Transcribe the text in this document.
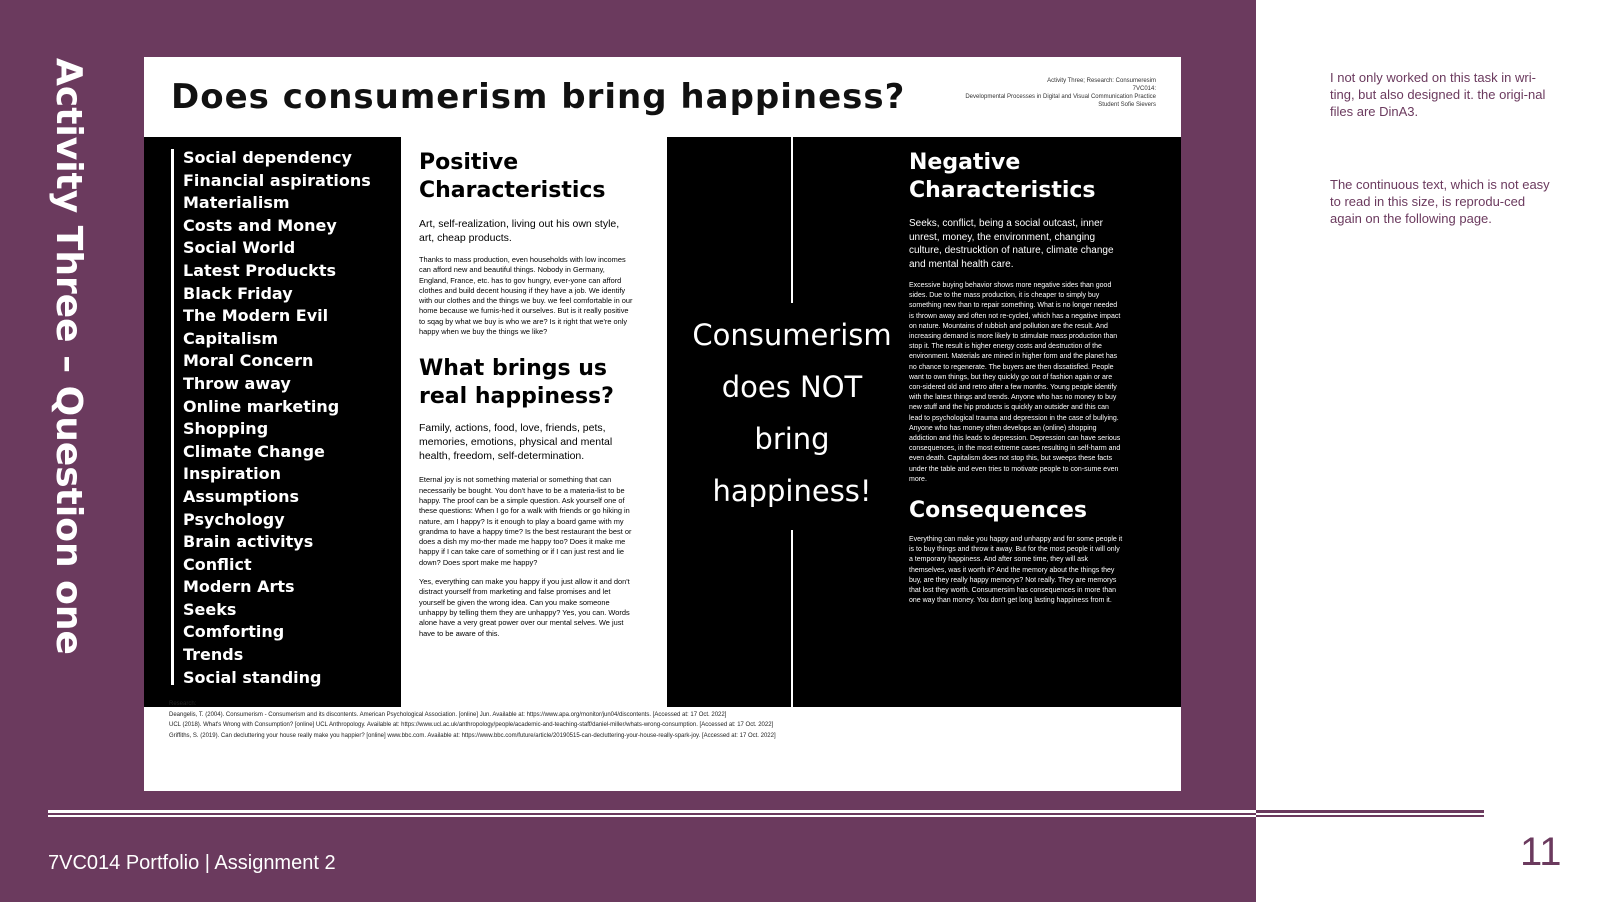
Activity Three – Question one Does consumerism bring happiness?	Activity Three; Research: Consumeresim
7VC014:
Developmental Processes in Digital and Visual Communication Practice
Student Sofie Sievers
Social dependency
Financial aspirations
Materialism
Costs and Money
Social World
Latest Produckts
Black Friday
The Modern Evil
Capitalism
Moral Concern
Throw away
Online marketing
Shopping
Climate Change
Inspiration
Assumptions
Psychology
Brain activitys
Conflict
Modern Arts
Seeks
Comforting
Trends
Social standing
Positive
Characteristics

Art, self-realization, living out his own style, art, cheap products.

Thanks to mass production, even households with low incomes can afford new and beautiful things. Nobody in Germany, England, France, etc. has to gov hungry, ever-yone can afford clothes and build decent housing if they have a job. We identify with our clothes and the things we buy. we feel comfortable in our home because we furnis-hed it ourselves. But is it really positive to sqag by what we buy is who we are? Is it right that we're only happy when we buy the things we like?

What brings us
real happiness?

Family, actions, food, love, friends, pets, memories, emotions, physical and mental health, freedom, self-determination.

Eternal joy is not something material or something that can necessarily be bought. You don't have to be a materia-list to be happy. The proof can be a simple question. Ask yourself one of these questions: When I go for a walk with friends or go hiking in nature, am I happy? Is it enough to play a board game with my grandma to have a happy time? Is the best restaurant the best or does a dish my mo-ther made me happy too? Does it make me happy if I can take care of something or if I can just rest and lie down? Does sport make me happy?

Yes, everything can make you happy if you just allow it and don't distract yourself from marketing and false promises and let yourself be given the wrong idea. Can you make someone unhappy by telling them they are unhappy? Yes, you can. Words alone have a very great power over our mental selves. We just have to be aware of this.

Consumerism
does NOT
bring
happiness!
Negative
Characteristics

Seeks, conflict, being a social outcast, inner unrest, money, the environment, changing culture, destrucktion of nature, climate change and mental health care.

Excessive buying behavior shows more negative sides than good sides. Due to the mass production, it is cheaper to simply buy something new than to repair something. What is no longer needed is thrown away and often not re-cycled, which has a negative impact on nature. Mountains of rubbish and pollution are the result. And increasing demand is more likely to stimulate mass production than stop it. The result is higher energy costs and destruction of the environment. Materials are mined in higher form and the planet has no chance to regenerate. The buyers are then dissatisfied. People want to own things, but they quickly go out of fashion again or are con-sidered old and retro after a few months. Young people identify with the latest things and trends. Anyone who has no money to buy new stuff and the hip products is quickly an outsider and this can lead to psychological trauma and depression in the case of bullying. Anyone who has money often develops an (online) shopping addiction and this leads to depression. Depression can have serious consequences, in the most extreme cases resulting in self-harm and even death. Capitalism does not stop this, but sweeps these facts under the table and even tries to motivate people to con-sume even more.

Consequences

Everything can make you happy and unhappy and for some people it is to buy things and throw it away. But for the most people it will only a temporary happiness. And after some time, they will ask themselves, was it worth it? And the memory about the things they buy, are they really happy memorys? Not really. They are memorys that lost they worth. Consumersim has consequences in more than one way than money. You don't get long lasting happiness from it.

Research:
Deangelis, T. (2004). Consumerism - Consumerism and its discontents. American Psychological Association. [online] Jun. Available at: https://www.apa.org/monitor/jun04/discontents. [Accessed at: 17 Oct. 2022]
UCL (2018). What's Wrong with Consumption? [online] UCL Anthropology. Available at: https://www.ucl.ac.uk/anthropology/people/academic-and-teaching-staff/daniel-miller/whats-wrong-consumption. [Accessed at: 17 Oct. 2022]
Griffiths, S. (2019). Can decluttering your house really make you happier? [online] www.bbc.com. Available at: https://www.bbc.com/future/article/20190515-can-decluttering-your-house-really-spark-joy. [Accessed at: 17 Oct. 2022]
I not only worked on this task in wri-ting, but also designed it. the origi-nal files are DinA3.
The continuous text, which is not easy to read in this size, is reprodu-ced again on the following page.
7VC014 Portfolio | Assignment 2	11
